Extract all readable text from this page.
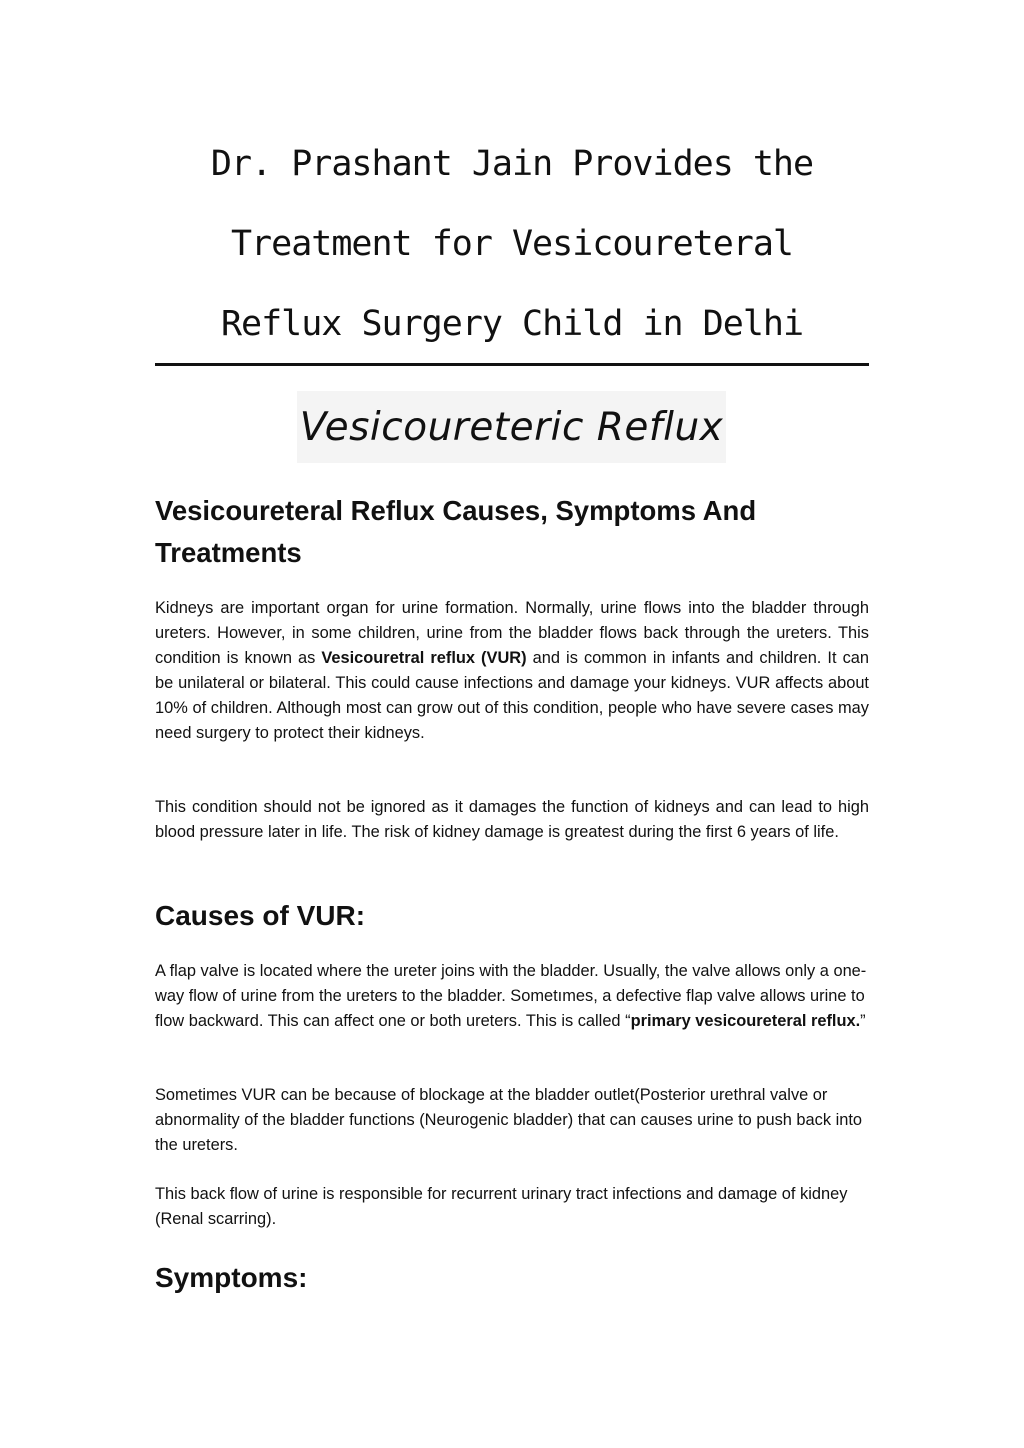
Dr. Prashant Jain Provides the
Treatment for Vesicoureteral
Reflux Surgery Child in Delhi
Vesicoureteric Reflux
Vesicoureteral Reflux Causes, Symptoms And Treatments

Kidneys are important organ for urine formation. Normally, urine flows into the bladder through ureters. However, in some children, urine from the bladder flows back through the ureters. This condition is known as Vesicouretral reflux (VUR) and is common in infants and children. It can be unilateral or bilateral. This could cause infections and damage your kidneys. VUR affects about 10% of children. Although most can grow out of this condition, people who have severe cases may need surgery to protect their kidneys.

This condition should not be ignored as it damages the function of kidneys and can lead to high blood pressure later in life. The risk of kidney damage is greatest during the first 6 years of life.

Causes of VUR:

A flap valve is located where the ureter joins with the bladder. Usually, the valve allows only a one-way flow of urine from the ureters to the bladder. Sometımes, a defective flap valve allows urine to flow backward. This can affect one or both ureters. This is called “primary vesicoureteral reflux.”

Sometimes VUR can be because of blockage at the bladder outlet(Posterior urethral valve or abnormality of the bladder functions (Neurogenic bladder) that can causes urine to push back into the ureters.

This back flow of urine is responsible for recurrent urinary tract infections and damage of kidney (Renal scarring).

Symptoms:
